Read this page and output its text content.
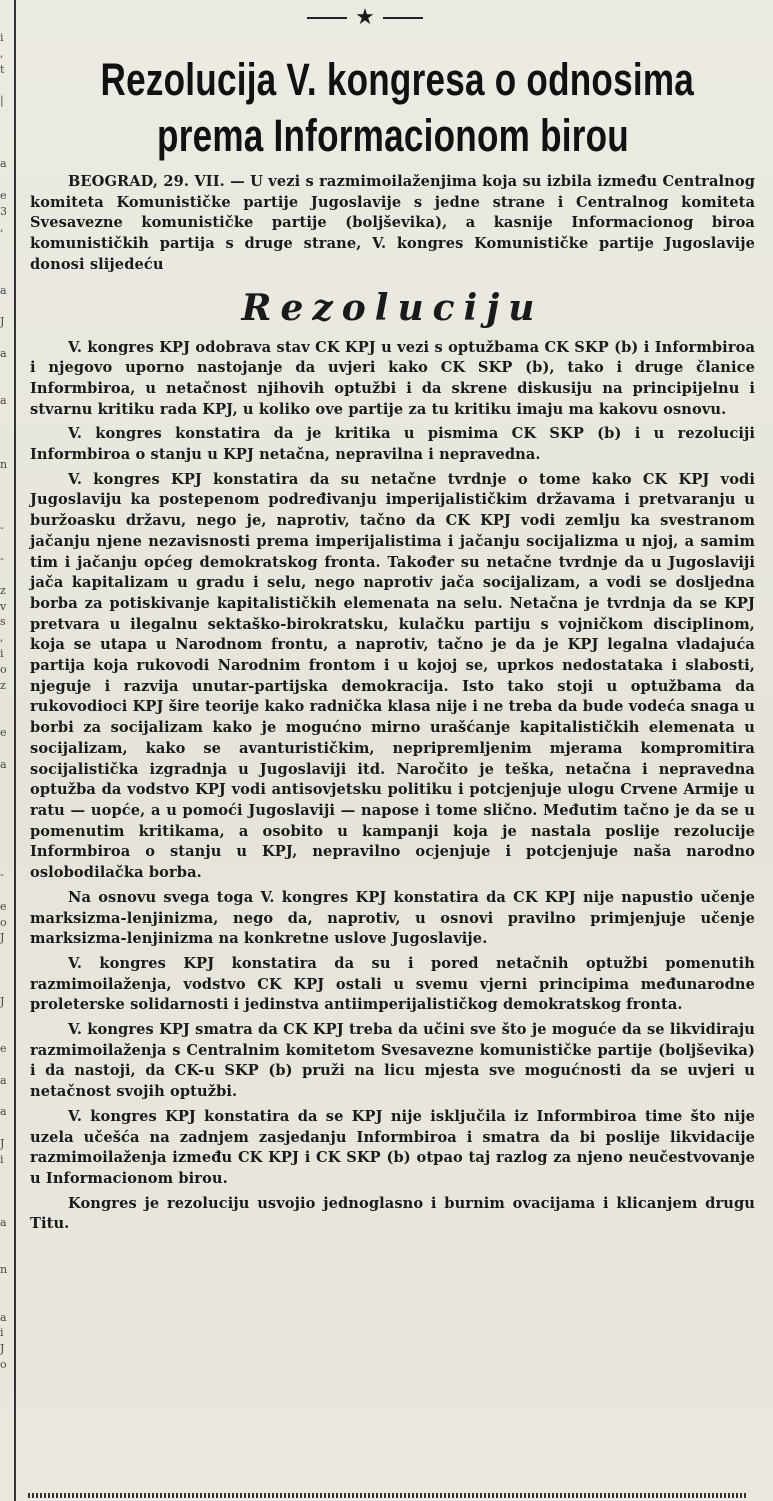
i
,
t

|

a

e
3
,

a

J

a

a

n

-

-

z
v
s
,
i
o
z

e

a

-

e
o
J

J

e

a

a

J
i

a

n

a
i
J
o
★
Rezolucija V. kongresa o odnosima
prema Informacionom birou

BEOGRAD, 29. VII. — U vezi s razmimoilaženjima koja su izbila između Centralnog komiteta Komunističke partije Jugoslavije s jedne strane i Centralnog komiteta Svesavezne komunističke partije (boljševika), a kasnije Informacionog biroa komunističkih partija s druge strane, V. kongres Komunističke partije Jugoslavije donosi slijedeću

Rezoluciju

V. kongres KPJ odobrava stav CK KPJ u vezi s optužbama CK SKP (b) i Informbiroa i njegovo uporno nastojanje da uvjeri kako CK SKP (b), tako i druge članice Informbiroa, u netačnost njihovih optužbi i da skrene diskusiju na principijelnu i stvarnu kritiku rada KPJ, u koliko ove partije za tu kritiku imaju ma kakovu osnovu.

V. kongres konstatira da je kritika u pismima CK SKP (b) i u rezoluciji Informbiroa o stanju u KPJ netačna, nepravilna i nepravedna.

V. kongres KPJ konstatira da su netačne tvrdnje o tome kako CK KPJ vodi Jugoslaviju ka postepenom podređivanju imperijalističkim državama i pretvaranju u buržoasku državu, nego je, naprotiv, tačno da CK KPJ vodi zemlju ka svestranom jačanju njene nezavisnosti prema imperijalistima i jačanju socijalizma u njoj, a samim tim i jačanju općeg demokratskog fronta. Također su netačne tvrdnje da u Jugoslaviji jača kapitalizam u gradu i selu, nego naprotiv jača socijalizam, a vodi se dosljedna borba za potiskivanje kapitalističkih elemenata na selu. Netačna je tvrdnja da se KPJ pretvara u ilegalnu sektaško-birokratsku, kulačku partiju s vojničkom disciplinom, koja se utapa u Narodnom frontu, a naprotiv, tačno je da je KPJ legalna vladajuća partija koja rukovodi Narodnim frontom i u kojoj se, uprkos nedostataka i slabosti, njeguje i razvija unutar-partijska demokracija. Isto tako stoji u optužbama da rukovodioci KPJ šire teorije kako radnička klasa nije i ne treba da bude vodeća snaga u borbi za socijalizam kako je mogućno mirno urašćanje kapitalističkih elemenata u socijalizam, kako se avanturističkim, nepripremljenim mjerama kompromitira socijalistička izgradnja u Jugoslaviji itd. Naročito je teška, netačna i nepravedna optužba da vodstvo KPJ vodi antisovjetsku politiku i potcjenjuje ulogu Crvene Armije u ratu — uopće, a u pomoći Jugoslaviji — napose i tome slično. Međutim tačno je da se u pomenutim kritikama, a osobito u kampanji koja je nastala poslije rezolucije Informbiroa o stanju u KPJ, nepravilno ocjenjuje i potcjenjuje naša narodno oslobodilačka borba.

Na osnovu svega toga V. kongres KPJ konstatira da CK KPJ nije napustio učenje marksizma-lenjinizma, nego da, naprotiv, u osnovi pravilno primjenjuje učenje marksizma-lenjinizma na konkretne uslove Jugoslavije.

V. kongres KPJ konstatira da su i pored netačnih optužbi pomenutih razmimoilaženja, vodstvo CK KPJ ostali u svemu vjerni principima međunarodne proleterske solidarnosti i jedinstva antiimperijalističkog demokratskog fronta.

V. kongres KPJ smatra da CK KPJ treba da učini sve što je moguće da se likvidiraju razmimoilaženja s Centralnim komitetom Svesavezne komunističke partije (boljševika) i da nastoji, da CK-u SKP (b) pruži na licu mjesta sve mogućnosti da se uvjeri u netačnost svojih optužbi.

V. kongres KPJ konstatira da se KPJ nije isključila iz Informbiroa time što nije uzela učešća na zadnjem zasjedanju Informbiroa i smatra da bi poslije likvidacije razmimoilaženja između CK KPJ i CK SKP (b) otpao taj razlog za njeno neučestvovanje u Informacionom birou.

Kongres je rezoluciju usvojio jednoglasno i burnim ovacijama i klicanjem drugu Titu.
